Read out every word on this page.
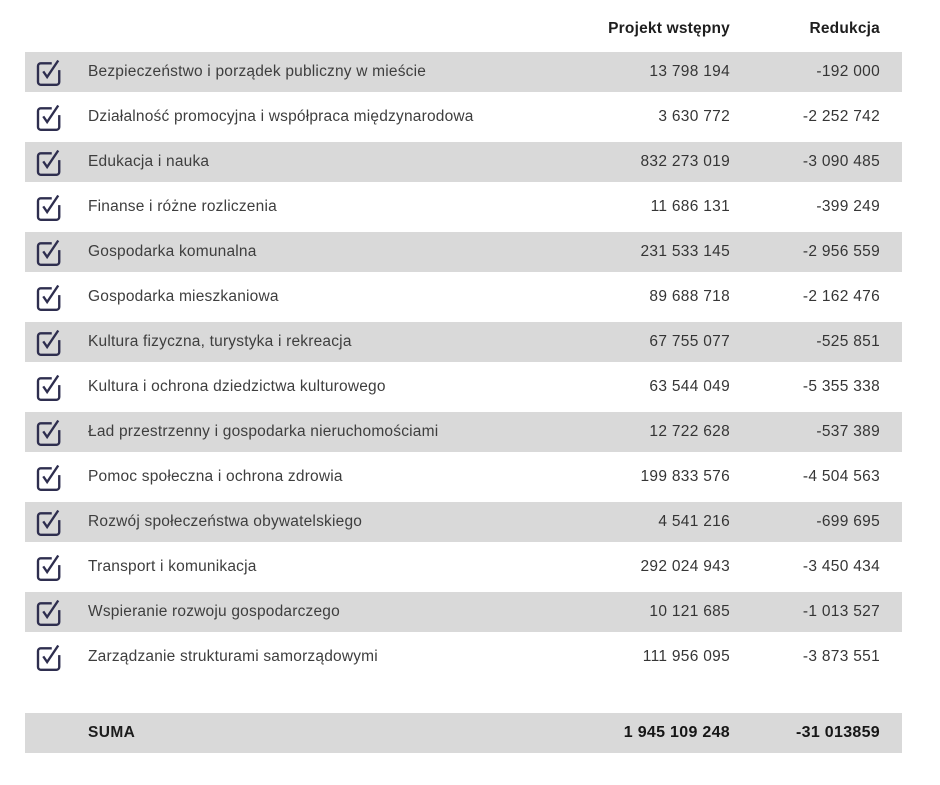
Projekt wstępny	Redukcja
Bezpieczeństwo i porządek publiczny w mieście	13 798 194	-192 000
Działalność promocyjna i współpraca międzynarodowa	3 630 772	-2 252 742
Edukacja i nauka	832 273 019	-3 090 485
Finanse i różne rozliczenia	11 686 131	-399 249
Gospodarka komunalna	231 533 145	-2 956 559
Gospodarka mieszkaniowa	89 688 718	-2 162 476
Kultura fizyczna, turystyka i rekreacja	67 755 077	-525 851
Kultura i ochrona dziedzictwa kulturowego	63 544 049	-5 355 338
Ład przestrzenny i gospodarka nieruchomościami	12 722 628	-537 389
Pomoc społeczna i ochrona zdrowia	199 833 576	-4 504 563
Rozwój społeczeństwa obywatelskiego	4 541 216	-699 695
Transport i komunikacja	292 024 943	-3 450 434
Wspieranie rozwoju gospodarczego	10 121 685	-1 013 527
Zarządzanie strukturami samorządowymi	111 956 095	-3 873 551
SUMA	1 945 109 248	-31 013859
